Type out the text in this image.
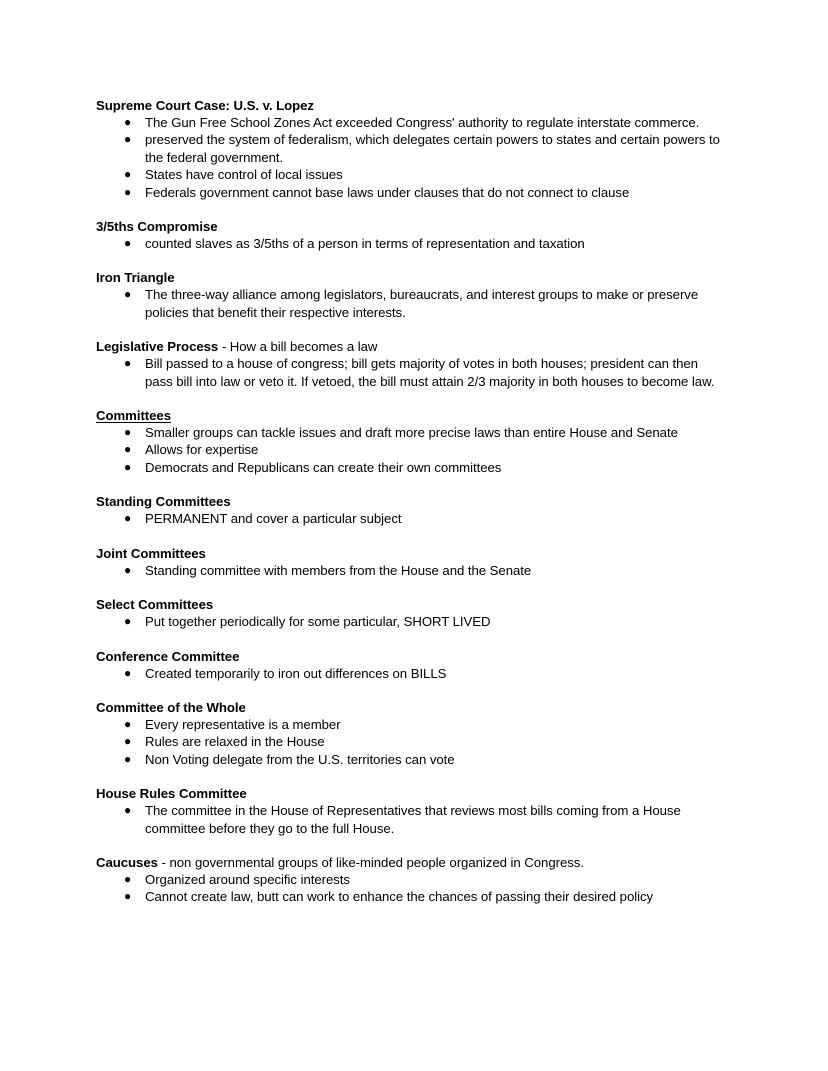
Supreme Court Case: U.S. v. Lopez
● The Gun Free School Zones Act exceeded Congress' authority to regulate interstate commerce.
● preserved the system of federalism, which delegates certain powers to states and certain powers to the federal government.
● States have control of local issues
● Federals government cannot base laws under clauses that do not connect to clause
3/5ths Compromise
● counted slaves as 3/5ths of a person in terms of representation and taxation
Iron Triangle
● The three-way alliance among legislators, bureaucrats, and interest groups to make or preserve policies that benefit their respective interests.
Legislative Process - How a bill becomes a law
● Bill passed to a house of congress; bill gets majority of votes in both houses; president can then pass bill into law or veto it. If vetoed, the bill must attain 2/3 majority in both houses to become law.
Committees
● Smaller groups can tackle issues and draft more precise laws than entire House and Senate
● Allows for expertise
● Democrats and Republicans can create their own committees
Standing Committees
● PERMANENT and cover a particular subject
Joint Committees
● Standing committee with members from the House and the Senate
Select Committees
● Put together periodically for some particular, SHORT LIVED
Conference Committee
● Created temporarily to iron out differences on BILLS
Committee of the Whole
● Every representative is a member
● Rules are relaxed in the House
● Non Voting delegate from the U.S. territories can vote
House Rules Committee
● The committee in the House of Representatives that reviews most bills coming from a House committee before they go to the full House.
Caucuses - non governmental groups of like-minded people organized in Congress.
● Organized around specific interests
● Cannot create law, butt can work to enhance the chances of passing their desired policy
